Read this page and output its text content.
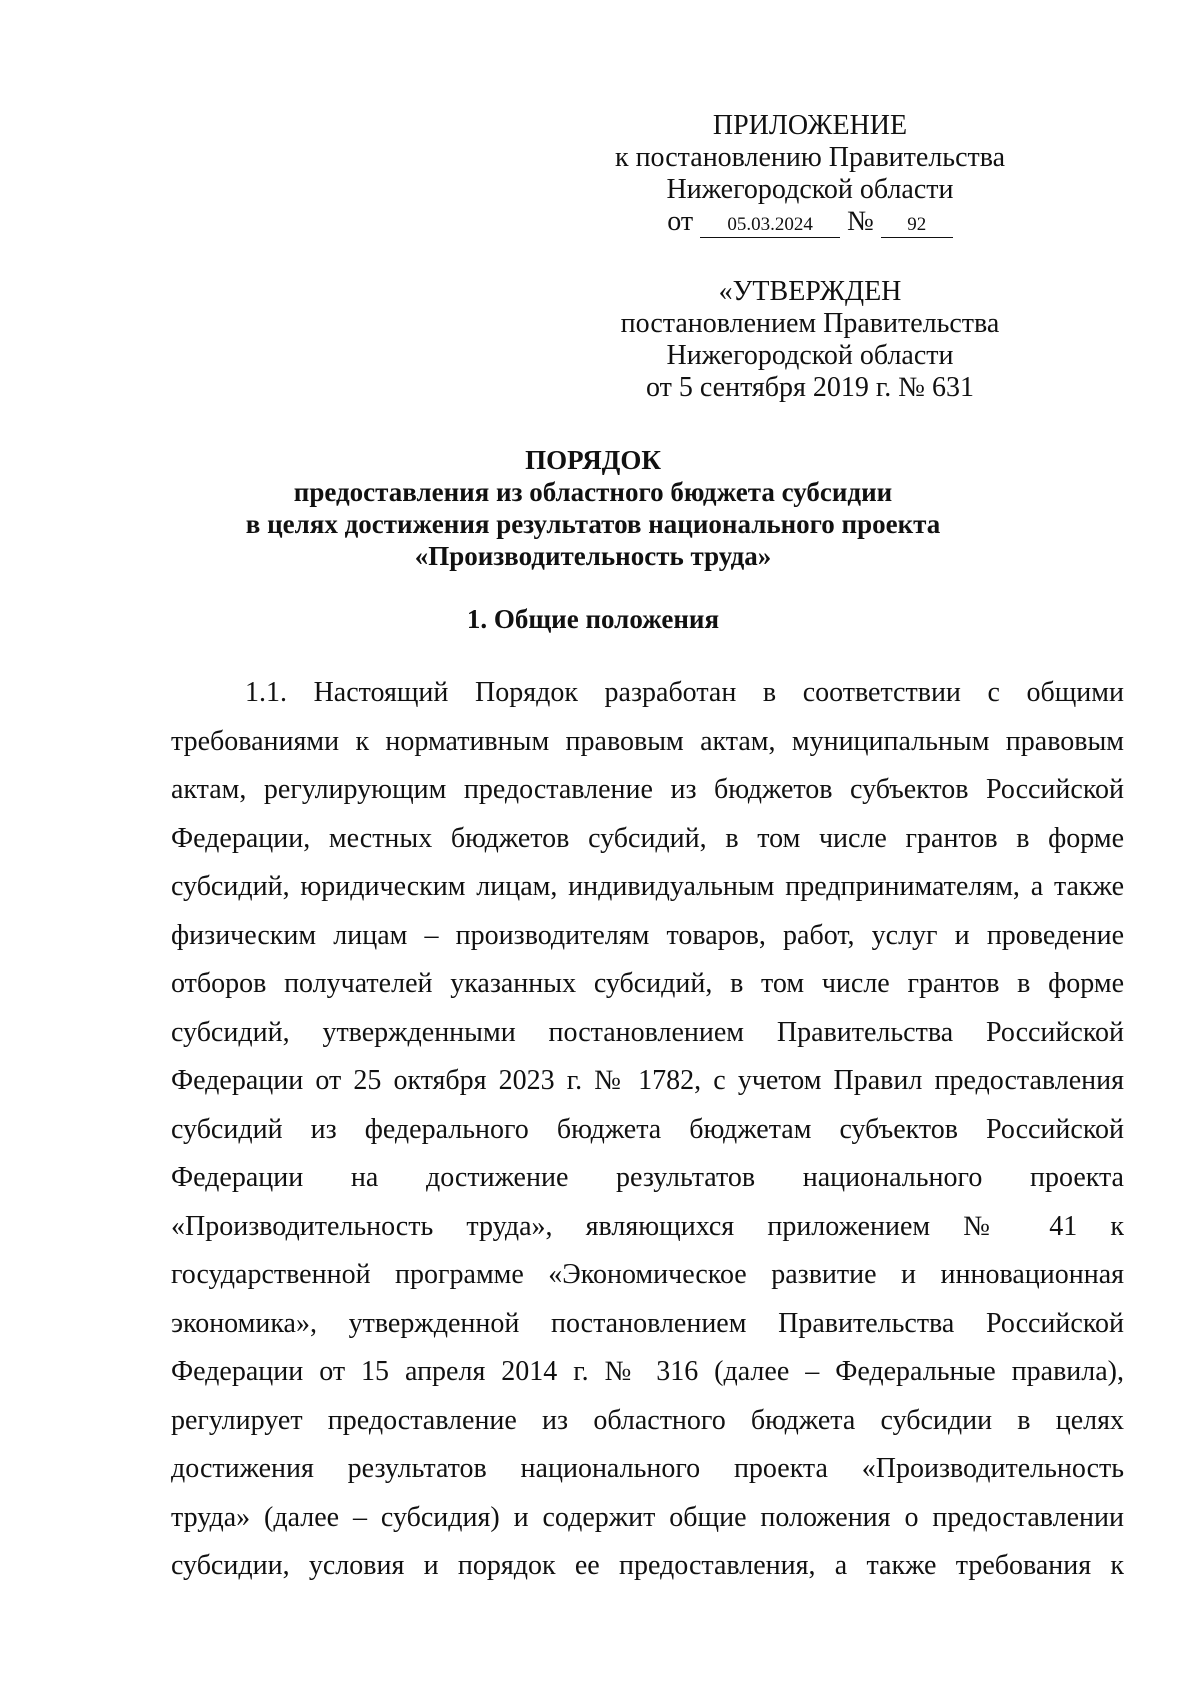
ПРИЛОЖЕНИЕ
к постановлению Правительства
Нижегородской области
от 05.03.2024 № 92
«УТВЕРЖДЕН
постановлением Правительства
Нижегородской области
от 5 сентября 2019 г. № 631
ПОРЯДОК
предоставления из областного бюджета субсидии
в целях достижения результатов национального проекта
«Производительность труда»
1. Общие положения
1.1. Настоящий Порядок разработан в соответствии с общими
требованиями к нормативным правовым актам, муниципальным правовым
актам, регулирующим предоставление из бюджетов субъектов Российской
Федерации, местных бюджетов субсидий, в том числе грантов в форме
субсидий, юридическим лицам, индивидуальным предпринимателям, а также
физическим лицам – производителям товаров, работ, услуг и проведение
отборов получателей указанных субсидий, в том числе грантов в форме
субсидий, утвержденными постановлением Правительства Российской
Федерации от 25 октября 2023 г. № 1782, с учетом Правил предоставления
субсидий из федерального бюджета бюджетам субъектов Российской
Федерации на достижение результатов национального проекта
«Производительность труда», являющихся приложением № 41 к
государственной программе «Экономическое развитие и инновационная
экономика», утвержденной постановлением Правительства Российской
Федерации от 15 апреля 2014 г. № 316 (далее – Федеральные правила),
регулирует предоставление из областного бюджета субсидии в целях
достижения результатов национального проекта «Производительность
труда» (далее – субсидия) и содержит общие положения о предоставлении
субсидии, условия и порядок ее предоставления, а также требования к
